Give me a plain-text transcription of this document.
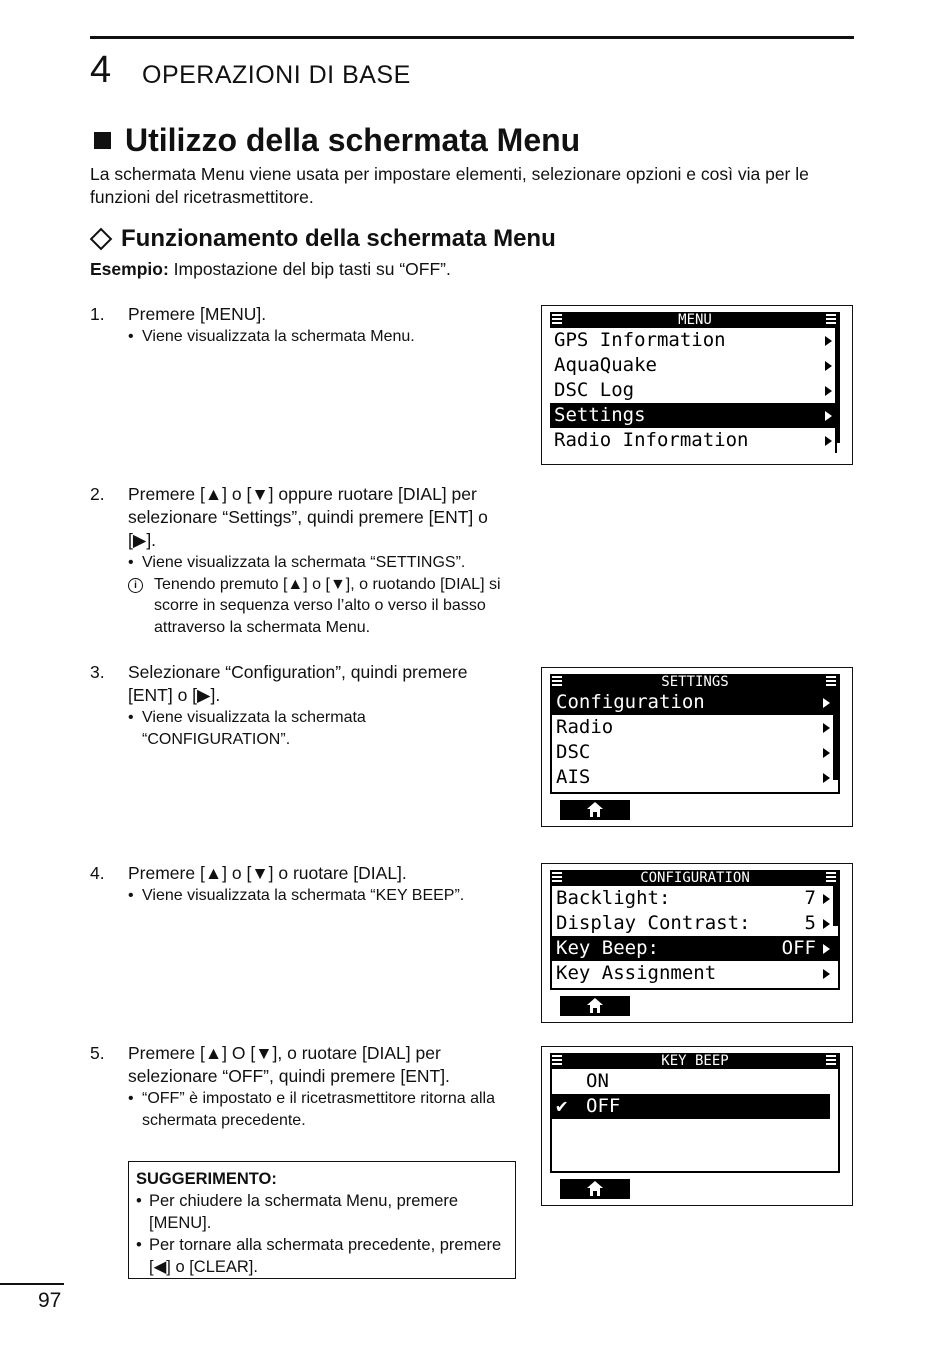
4 OPERAZIONI DI BASE
Utilizzo della schermata Menu
La schermata Menu viene usata per impostare elementi, selezionare opzioni e così via per le funzioni del ricetrasmettitore.
Funzionamento della schermata Menu
Esempio: Impostazione del bip tasti su “OFF”.
1. Premere [MENU].
• Viene visualizzata la schermata Menu.
2. Premere [▲] o [▼] oppure ruotare [DIAL] per selezionare “Settings”, quindi premere [ENT] o [▶].
• Viene visualizzata la schermata “SETTINGS”.
i	Tenendo premuto [▲] o [▼], o ruotando [DIAL] si scorre in sequenza verso l’alto o verso il basso attraverso la schermata Menu.
3. Selezionare “Configuration”, quindi premere [ENT] o [▶].
• Viene visualizzata la schermata “CONFIGURATION”.
4. Premere [▲] o [▼] o ruotare [DIAL].
• Viene visualizzata la schermata “KEY BEEP”.
5. Premere [▲] O [▼], o ruotare [DIAL] per selezionare “OFF”, quindi premere [ENT].
• “OFF” è impostato e il ricetrasmettitore ritorna alla schermata precedente.
SUGGERIMENTO:
• Per chiudere la schermata Menu, premere [MENU].
• Per tornare alla schermata precedente, premere [◀] o [CLEAR].
MENU
GPS Information
AquaQuake
DSC Log
Settings
Radio Information
SETTINGS
Configuration
Radio
DSC
AIS
CONFIGURATION
Backlight:	7
Display Contrast:	5
Key Beep:	OFF
Key Assignment
KEY BEEP
ON
✔ OFF
97
